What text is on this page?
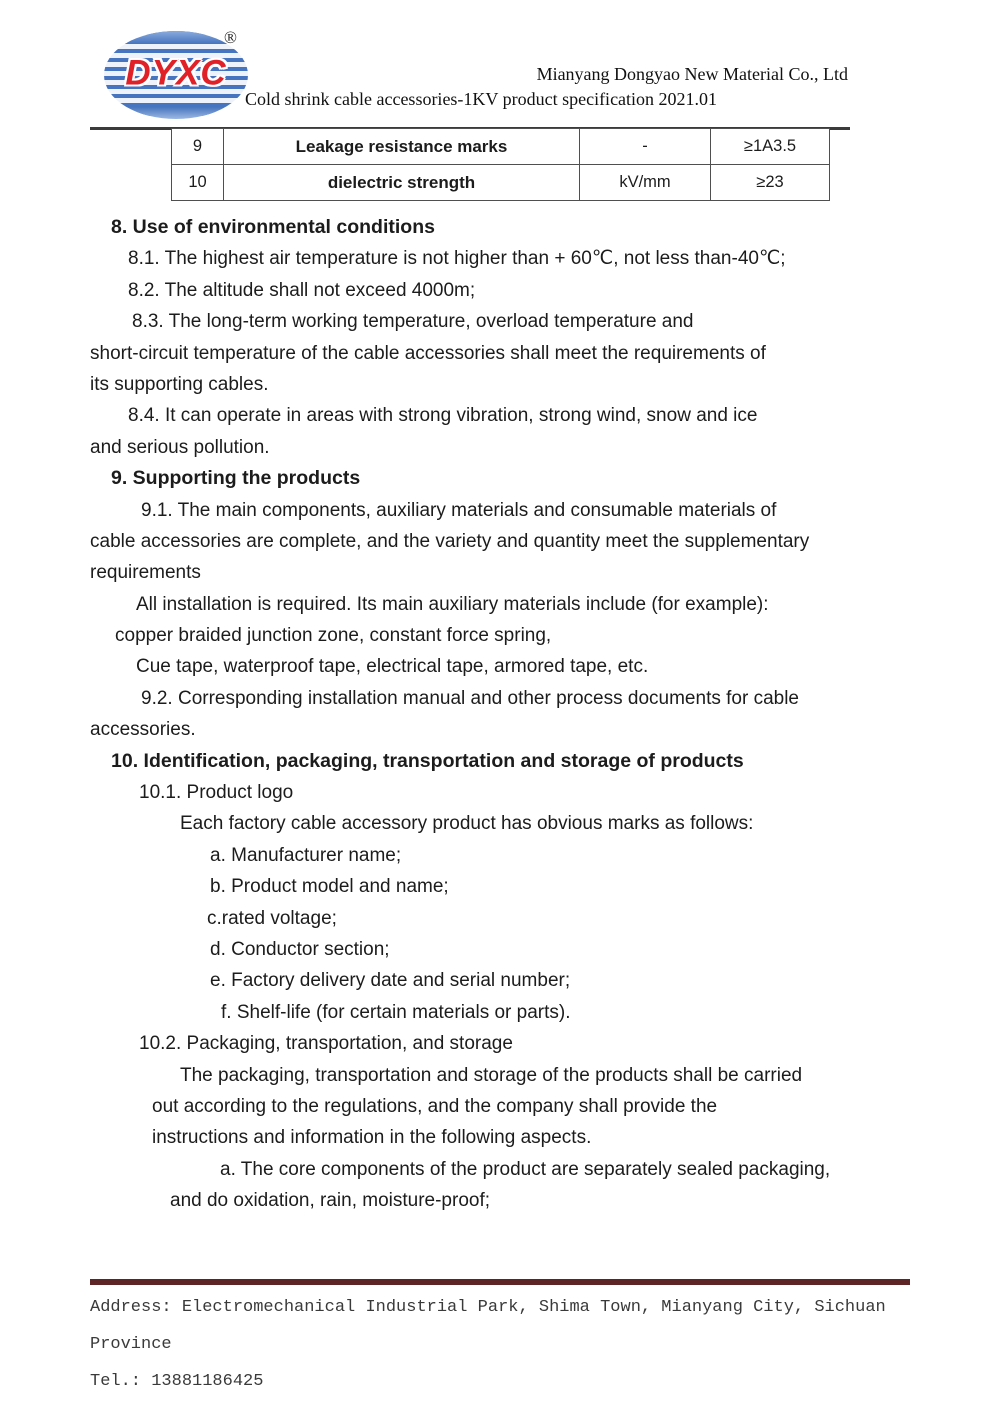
DYXC
®
Mianyang Dongyao New Material Co., Ltd
Cold shrink cable accessories-1KV product specification 2021.01
9	Leakage resistance marks	-	≥1A3.5
10	dielectric strength	kV/mm	≥23
8. Use of environmental conditions
8.1. The highest air temperature is not higher than + 60℃, not less than-40℃;
8.2. The altitude shall not exceed 4000m;
8.3. The long-term working temperature, overload temperature and
short-circuit temperature of the cable accessories shall meet the requirements of
its supporting cables.
8.4. It can operate in areas with strong vibration, strong wind, snow and ice
and serious pollution.
9. Supporting the products
9.1. The main components, auxiliary materials and consumable materials of
cable accessories are complete, and the variety and quantity meet the supplementary
requirements
All installation is required. Its main auxiliary materials include (for example):
copper braided junction zone, constant force spring,
Cue tape, waterproof tape, electrical tape, armored tape, etc.
9.2. Corresponding installation manual and other process documents for cable
accessories.
10. Identification, packaging, transportation and storage of products
10.1. Product logo
Each factory cable accessory product has obvious marks as follows:
a. Manufacturer name;
b. Product model and name;
c.rated voltage;
d. Conductor section;
e. Factory delivery date and serial number;
f. Shelf-life (for certain materials or parts).
10.2. Packaging, transportation, and storage
The packaging, transportation and storage of the products shall be carried
out according to the regulations, and the company shall provide the
instructions and information in the following aspects.
a. The core components of the product are separately sealed packaging,
and do oxidation, rain, moisture-proof;
Address: Electromechanical Industrial Park, Shima Town, Mianyang City, Sichuan
Province
Tel.: 13881186425
